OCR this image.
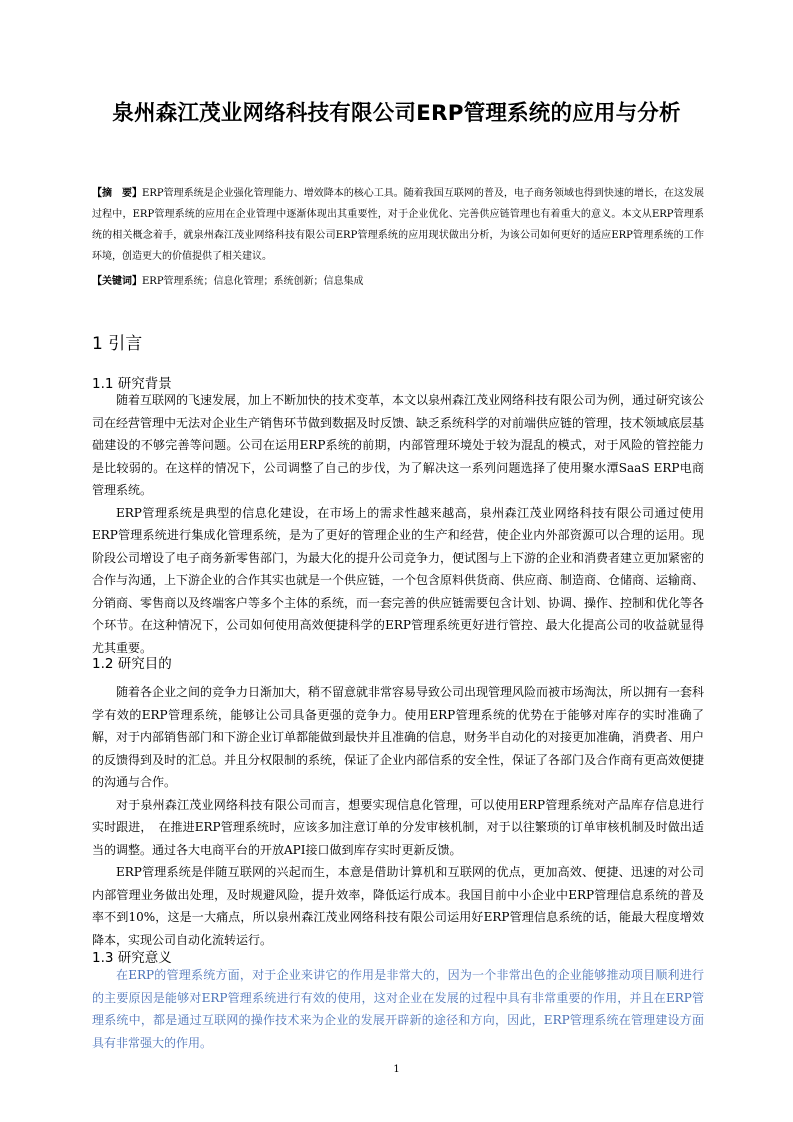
泉州森江茂业网络科技有限公司ERP管理系统的应用与分析
【摘　要】ERP管理系统是企业强化管理能力、增效降本的核心工具。随着我国互联网的普及，电子商务领域也得到快速的增长，在这发展过程中，ERP管理系统的应用在企业管理中逐渐体现出其重要性，对于企业优化、完善供应链管理也有着重大的意义。本文从ERP管理系统的相关概念着手，就泉州森江茂业网络科技有限公司ERP管理系统的应用现状做出分析，为该公司如何更好的适应ERP管理系统的工作环境，创造更大的价值提供了相关建议。
【关键词】ERP管理系统；信息化管理；系统创新；信息集成
1 引言
1.1 研究背景

随着互联网的飞速发展，加上不断加快的技术变革，本文以泉州森江茂业网络科技有限公司为例，通过研究该公司在经营管理中无法对企业生产销售环节做到数据及时反馈、缺乏系统科学的对前端供应链的管理，技术领域底层基础建设的不够完善等问题。公司在运用ERP系统的前期，内部管理环境处于较为混乱的模式，对于风险的管控能力是比较弱的。在这样的情况下，公司调整了自己的步伐，为了解决这一系列问题选择了使用聚水潭SaaS ERP电商管理系统。

ERP管理系统是典型的信息化建设，在市场上的需求性越来越高，泉州森江茂业网络科技有限公司通过使用ERP管理系统进行集成化管理系统，是为了更好的管理企业的生产和经营，使企业内外部资源可以合理的运用。现阶段公司增设了电子商务新零售部门，为最大化的提升公司竞争力，便试图与上下游的企业和消费者建立更加紧密的合作与沟通，上下游企业的合作其实也就是一个供应链，一个包含原料供货商、供应商、制造商、仓储商、运输商、分销商、零售商以及终端客户等多个主体的系统，而一套完善的供应链需要包含计划、协调、操作、控制和优化等各个环节。在这种情况下，公司如何使用高效便捷科学的ERP管理系统更好进行管控、最大化提高公司的收益就显得尤其重要。

1.2 研究目的

随着各企业之间的竞争力日渐加大，稍不留意就非常容易导致公司出现管理风险而被市场淘汰，所以拥有一套科学有效的ERP管理系统，能够让公司具备更强的竞争力。使用ERP管理系统的优势在于能够对库存的实时准确了解，对于内部销售部门和下游企业订单都能做到最快并且准确的信息，财务半自动化的对接更加准确，消费者、用户的反馈得到及时的汇总。并且分权限制的系统，保证了企业内部信系的安全性，保证了各部门及合作商有更高效便捷的沟通与合作。

对于泉州森江茂业网络科技有限公司而言，想要实现信息化管理，可以使用ERP管理系统对产品库存信息进行实时跟进，　在推进ERP管理系统时，应该多加注意订单的分发审核机制，对于以往繁琐的订单审核机制及时做出适当的调整。通过各大电商平台的开放API接口做到库存实时更新反馈。

ERP管理系统是伴随互联网的兴起而生，本意是借助计算机和互联网的优点，更加高效、便捷、迅速的对公司内部管理业务做出处理，及时规避风险，提升效率，降低运行成本。我国目前中小企业中ERP管理信息系统的普及率不到10%，这是一大痛点，所以泉州森江茂业网络科技有限公司运用好ERP管理信息系统的话，能最大程度增效降本，实现公司自动化流转运行。

1.3 研究意义

在ERP的管理系统方面，对于企业来讲它的作用是非常大的，因为一个非常出色的企业能够推动项目顺利进行的主要原因是能够对ERP管理系统进行有效的使用，这对企业在发展的过程中具有非常重要的作用，并且在ERP管理系统中，都是通过互联网的操作技术来为企业的发展开辟新的途径和方向，因此，ERP管理系统在管理建设方面具有非常强大的作用。

1
